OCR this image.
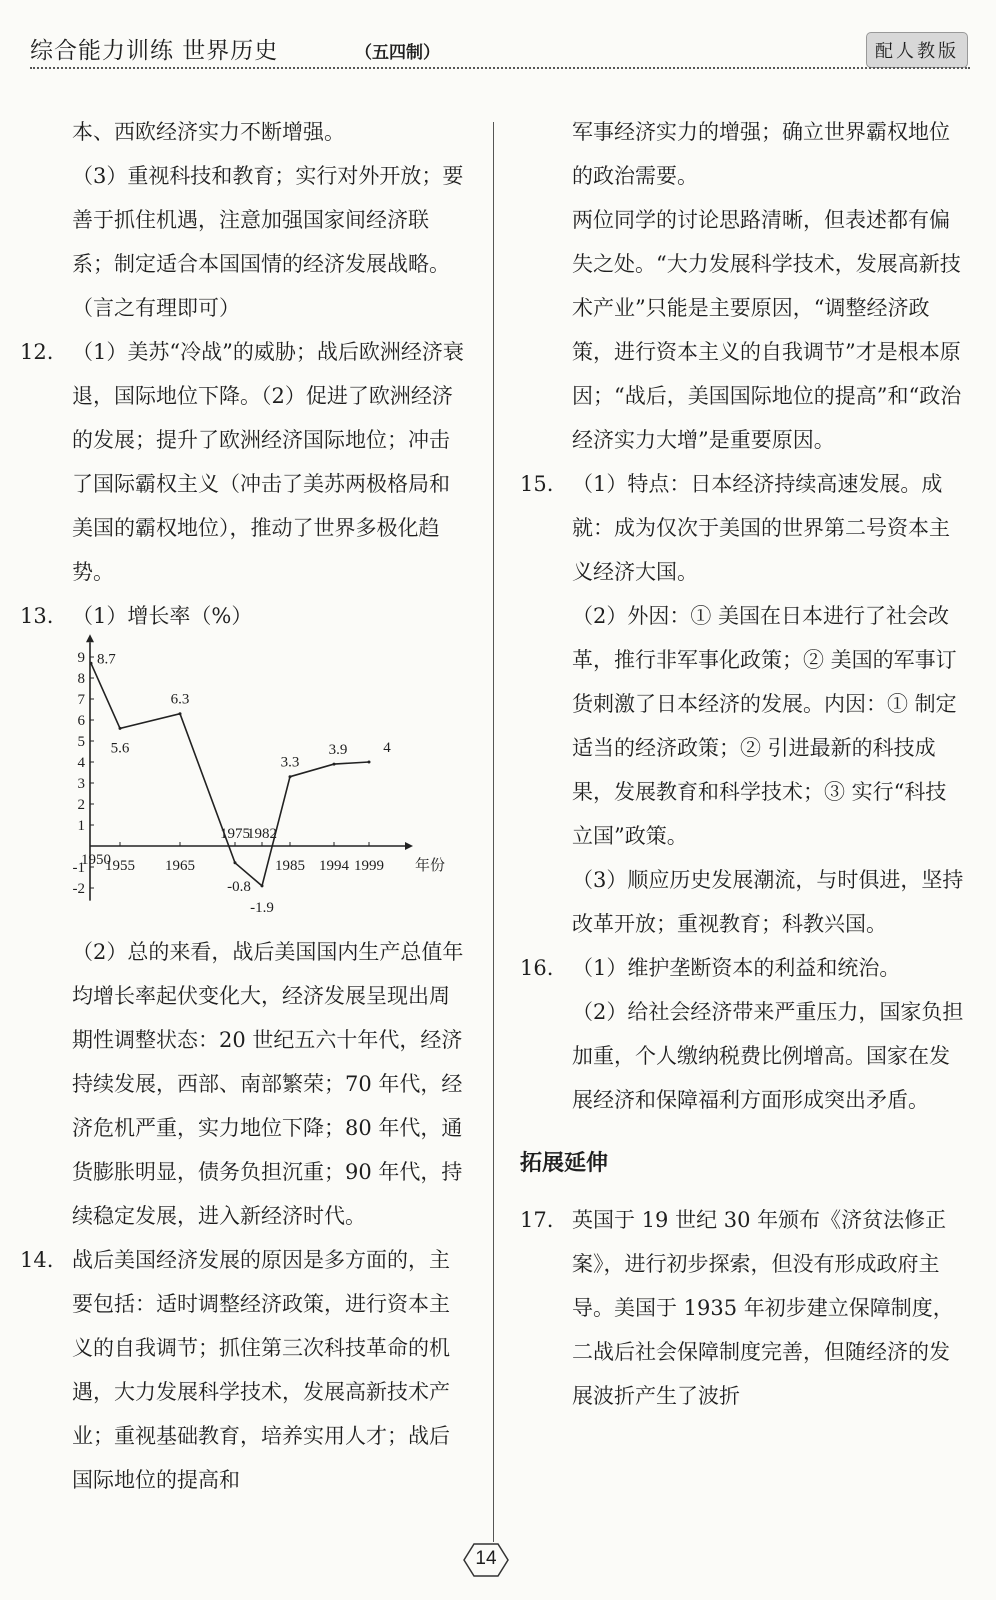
综合能力训练 世界历史	（五四制）	配人教版

本、西欧经济实力不断增强。

（3）重视科技和教育；实行对外开放；要善于抓住机遇，注意加强国家间经济联系；制定适合本国国情的经济发展战略。（言之有理即可）

12. （1）美苏“冷战”的威胁；战后欧洲经济衰退，国际地位下降。（2）促进了欧洲经济的发展；提升了欧洲经济国际地位；冲击了国际霸权主义（冲击了美苏两极格局和美国的霸权地位），推动了世界多极化趋势。
13. （1）增长率（%）
9
8
7
6
5
4
3
2
1
-1
-2
1950
1955 1965
1975
1982
1985 1994 1999 年份
8.7
5.6
6.3
-0.8
-1.9
3.3
3.9 4

（2）总的来看，战后美国国内生产总值年均增长率起伏变化大，经济发展呈现出周期性调整状态：20 世纪五六十年代，经济持续发展，西部、南部繁荣；70 年代，经济危机严重，实力地位下降；80 年代，通货膨胀明显，债务负担沉重；90 年代，持续稳定发展，进入新经济时代。

14. 战后美国经济发展的原因是多方面的，主要包括：适时调整经济政策，进行资本主义的自我调节；抓住第三次科技革命的机遇，大力发展科学技术，发展高新技术产业；重视基础教育，培养实用人才；战后国际地位的提高和

军事经济实力的增强；确立世界霸权地位的政治需要。

两位同学的讨论思路清晰，但表述都有偏失之处。“大力发展科学技术，发展高新技术产业”只能是主要原因，“调整经济政策，进行资本主义的自我调节”才是根本原因；“战后，美国国际地位的提高”和“政治经济实力大增”是重要原因。

15. （1）特点：日本经济持续高速发展。成就：成为仅次于美国的世界第二号资本主义经济大国。

（2）外因：① 美国在日本进行了社会改革，推行非军事化政策；② 美国的军事订货刺激了日本经济的发展。内因：① 制定适当的经济政策；② 引进最新的科技成果，发展教育和科学技术；③ 实行“科技立国”政策。

（3）顺应历史发展潮流，与时俱进，坚持改革开放；重视教育；科教兴国。

16. （1）维护垄断资本的利益和统治。

（2）给社会经济带来严重压力，国家负担加重，个人缴纳税费比例增高。国家在发展经济和保障福利方面形成突出矛盾。

拓展延伸
17. 英国于 19 世纪 30 年颁布《济贫法修正案》，进行初步探索，但没有形成政府主导。美国于 1935 年初步建立保障制度，二战后社会保障制度完善，但随经济的发展波折产生了波折
14
